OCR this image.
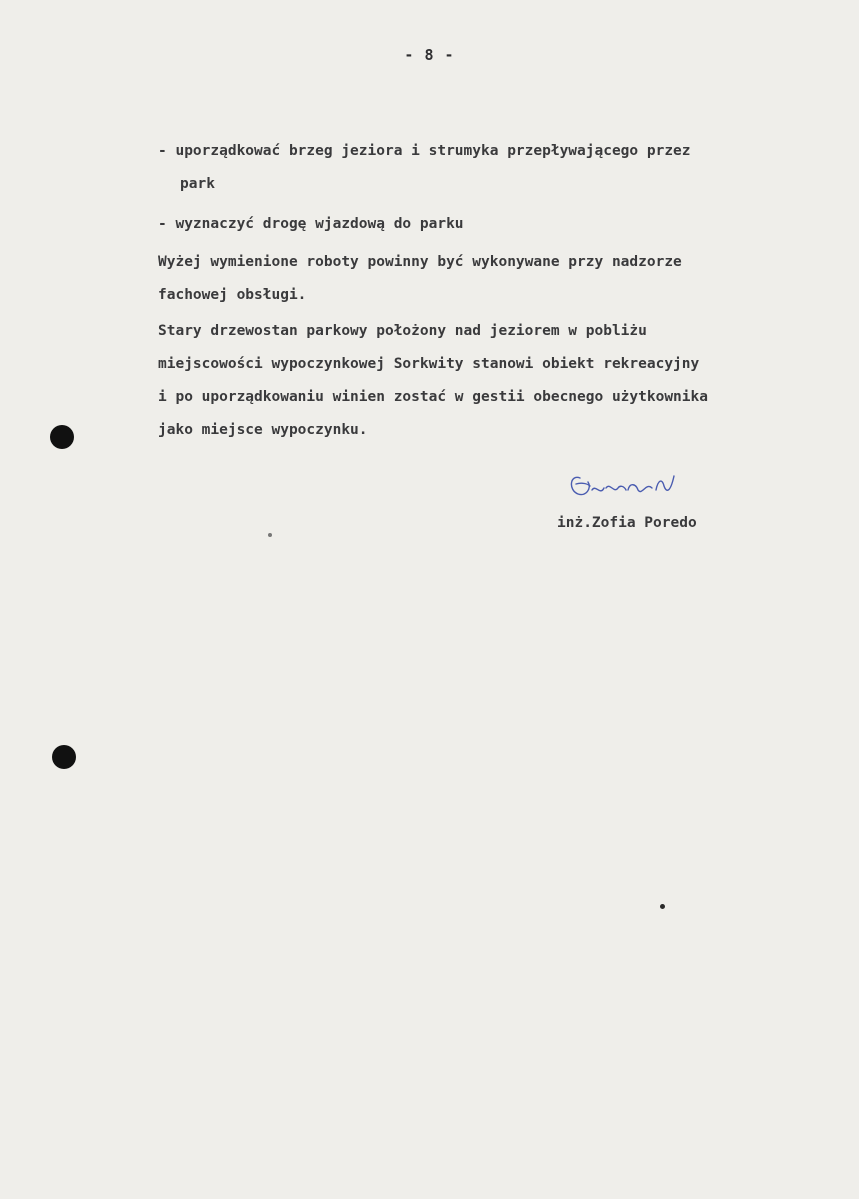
- 8 -
- uporządkować brzeg jeziora i strumyka przepływającego przez
park
- wyznaczyć drogę wjazdową do parku
Wyżej wymienione roboty powinny być wykonywane przy nadzorze
fachowej obsługi.
Stary drzewostan parkowy położony nad jeziorem w pobliżu
miejscowości wypoczynkowej Sorkwity stanowi obiekt rekreacyjny
i po uporządkowaniu winien zostać w gestii obecnego użytkownika
jako miejsce wypoczynku.
inż.Zofia Poredo
